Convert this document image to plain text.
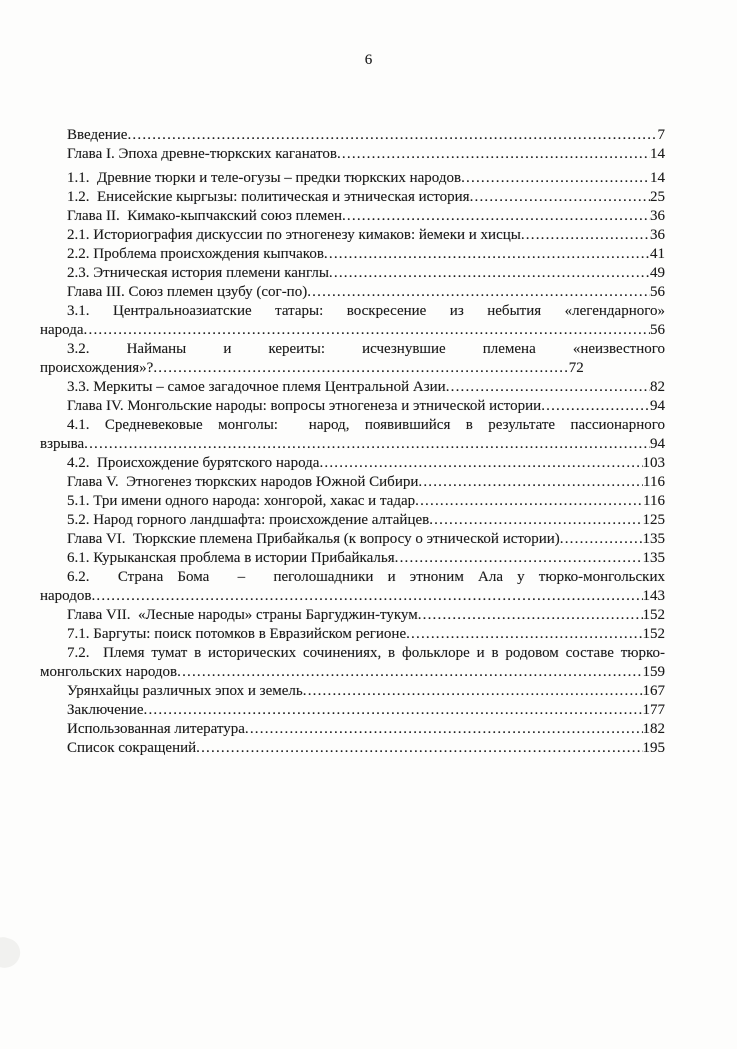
6
Введение .....	7
Глава I. Эпоха древне-тюркских каганатов .....	14
1.1.  Древние тюрки и теле-огузы – предки тюркских народов .....	14
1.2.  Енисейские кыргызы: политическая и этническая история .....	25
Глава II.  Кимако-кыпчакский союз племен .....	36
2.1. Историография дискуссии по этногенезу кимаков: йемеки и хисцы .....	36
2.2. Проблема происхождения кыпчаков .....	41
2.3. Этническая история племени канглы .....	49
Глава III. Союз племен цзубу (сог-по) .....	56
3.1. Центральноазиатские татары: воскресение из небытия «легендарного»
народа .....	56
3.2. Найманы и кереиты: исчезнувшие племена «неизвестного
происхождения»? .....	72
3.3. Меркиты – самое загадочное племя Центральной Азии .....	82
Глава IV. Монгольские народы: вопросы этногенеза и этнической истории .....	94
4.1. Средневековые монголы:  народ, появившийся в результате пассионарного
взрыва .....	94
4.2.  Происхождение бурятского народа .....	103
Глава V.  Этногенез тюркских народов Южной Сибири .....	116
5.1. Три имени одного народа: хонгорой, хакас и тадар .....	116
5.2. Народ горного ландшафта: происхождение алтайцев .....	125
Глава VI.  Тюркские племена Прибайкалья (к вопросу о этнической истории) .....	135
6.1. Курыканская проблема в истории Прибайкалья .....	135
6.2.  Страна Бома  –  пеголошадники и этноним Ала у тюрко-монгольских
народов .....	143
Глава VII.  «Лесные народы» страны Баргуджин-тукум .....	152
7.1. Баргуты: поиск потомков в Евразийском регионе .....	152
7.2.  Племя тумат в исторических сочинениях, в фольклоре и в родовом составе тюрко-
монгольских народов .....	159
Урянхайцы различных эпох и земель .....	167
Заключение .....	177
Использованная литература .....	182
Список сокращений .....	195
